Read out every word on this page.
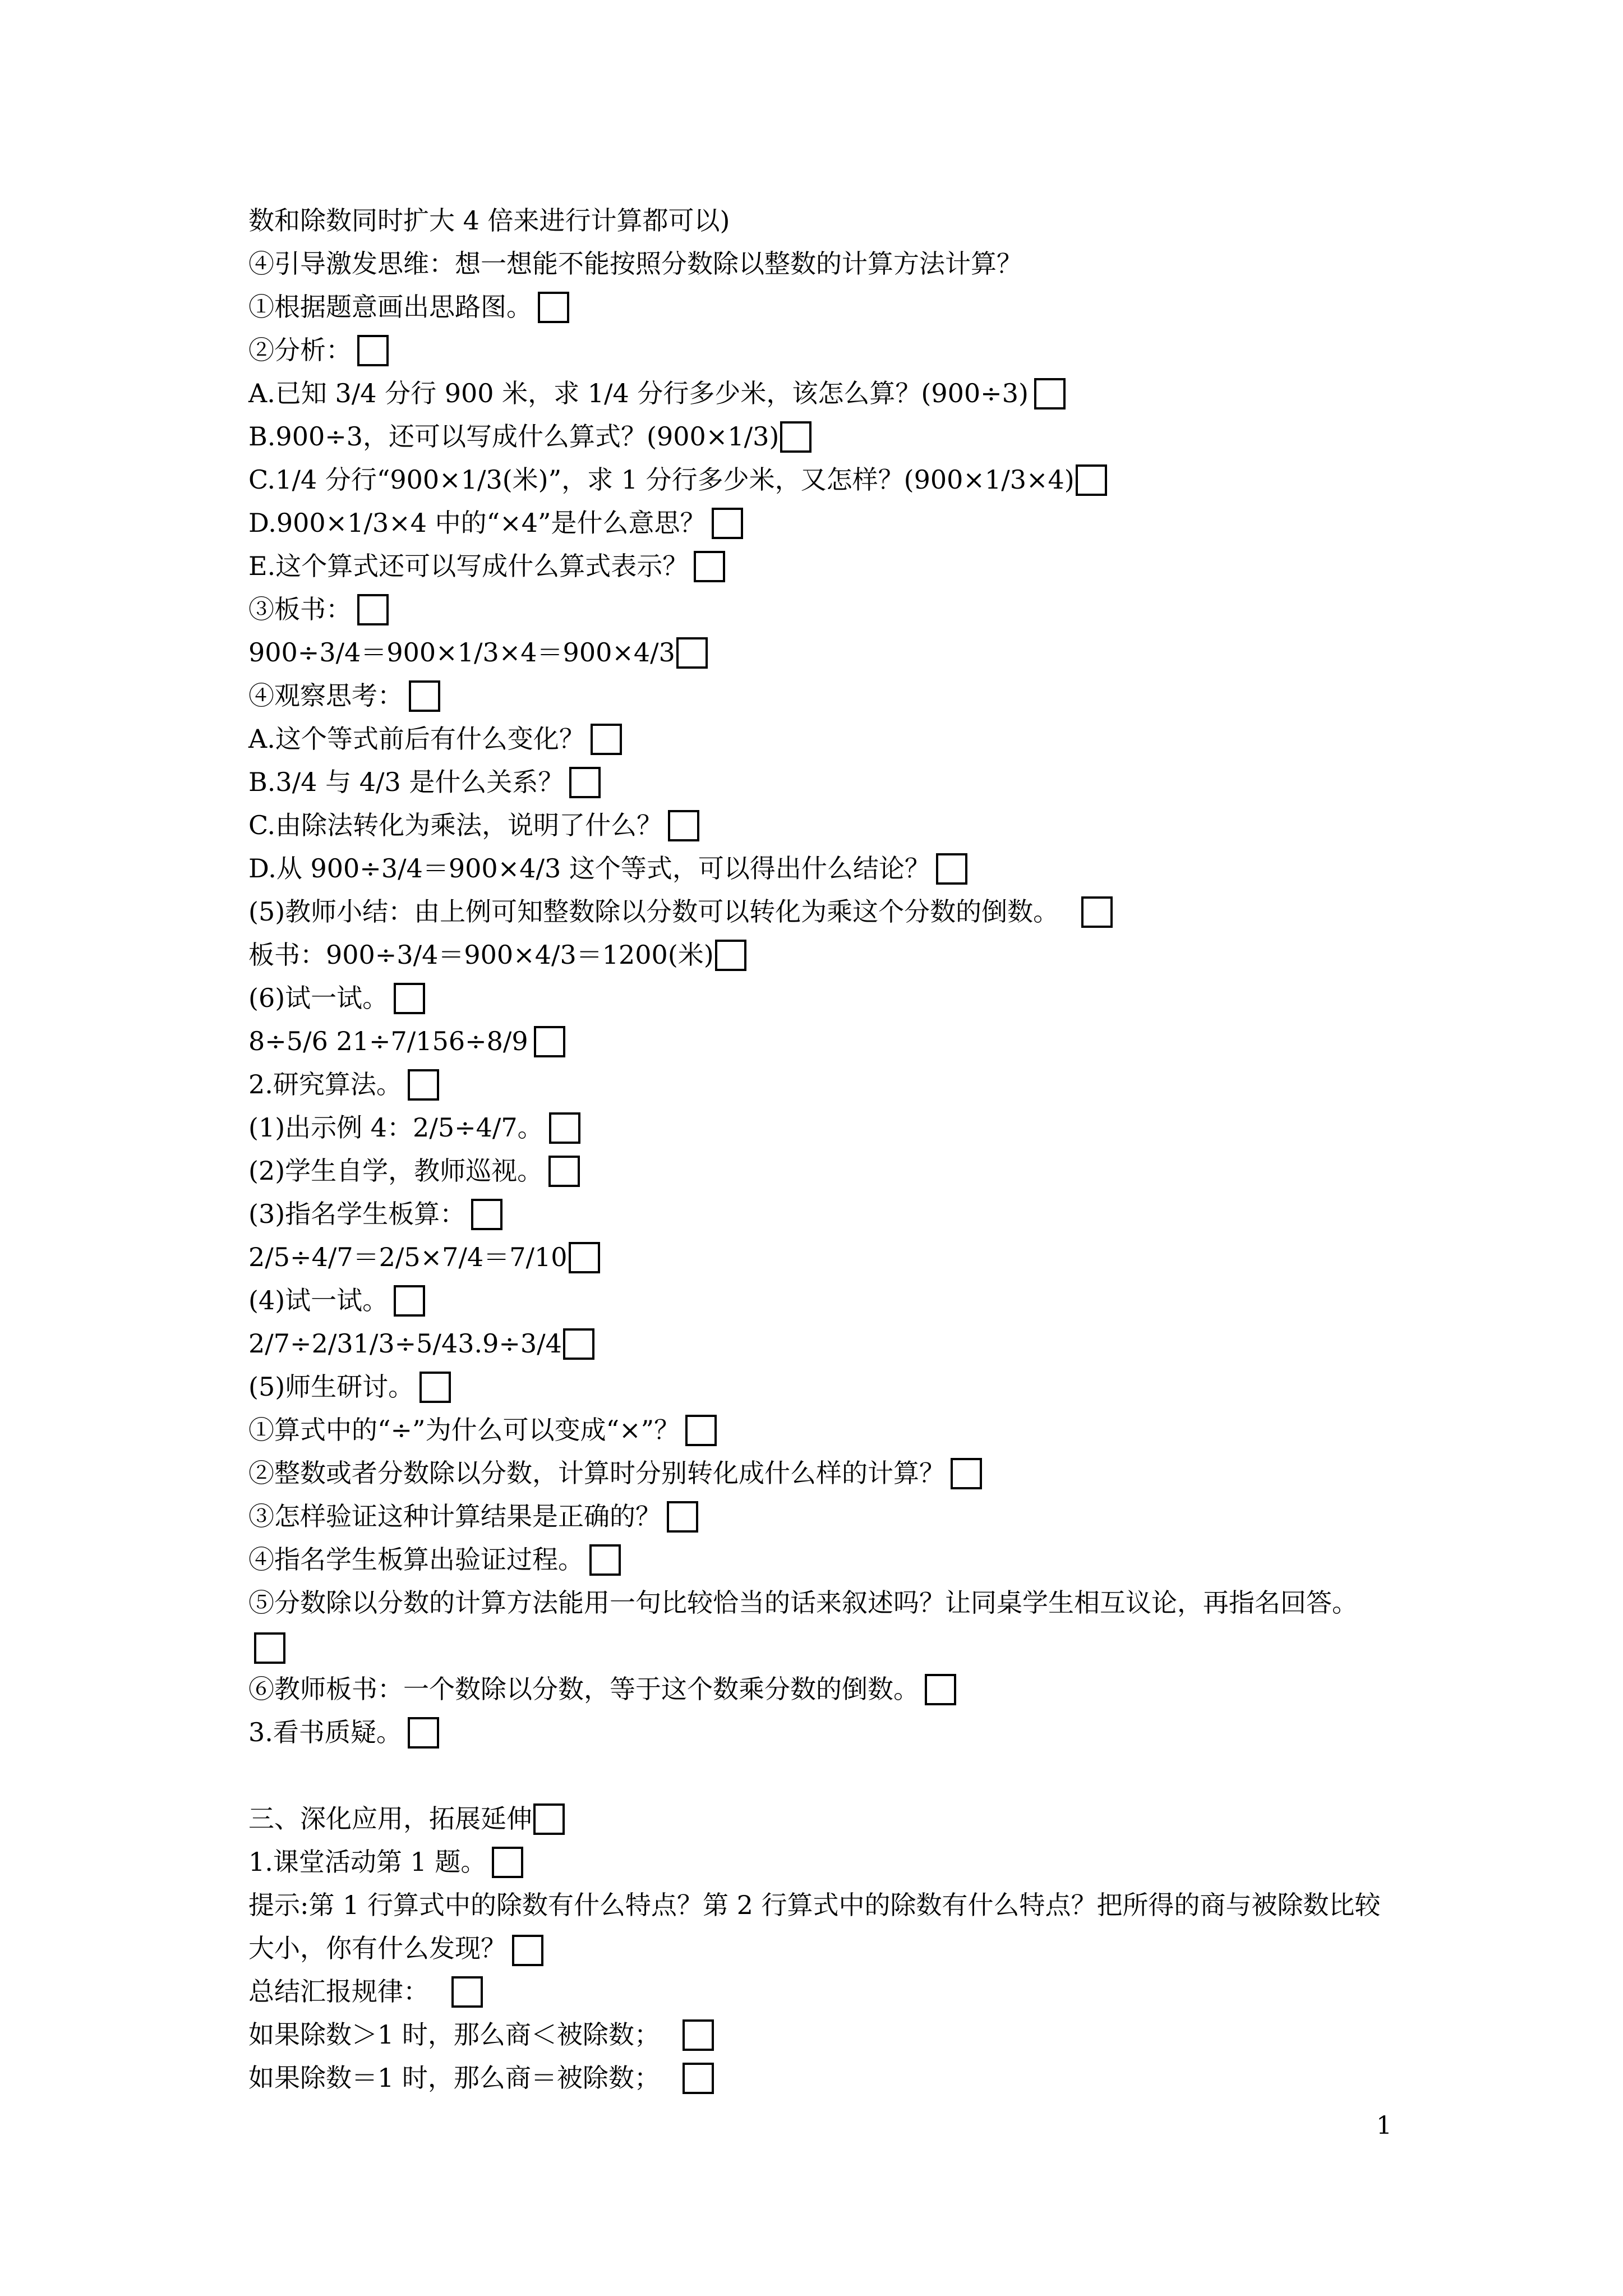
数和除数同时扩大 4 倍来进行计算都可以)
④引导激发思维：想一想能不能按照分数除以整数的计算方法计算？
①根据题意画出思路图。
②分析：
A.已知 3/4 分行 900 米，求 1/4 分行多少米，该怎么算？(900÷3)
B.900÷3，还可以写成什么算式？(900×1/3)
C.1/4 分行“900×1/3(米)”，求 1 分行多少米，又怎样？(900×1/3×4)
D.900×1/3×4 中的“×4”是什么意思？
E.这个算式还可以写成什么算式表示？
③板书：
900÷3/4＝900×1/3×4＝900×4/3
④观察思考：
A.这个等式前后有什么变化？
B.3/4 与 4/3 是什么关系？
C.由除法转化为乘法，说明了什么？
D.从 900÷3/4＝900×4/3 这个等式，可以得出什么结论？
(5)教师小结：由上例可知整数除以分数可以转化为乘这个分数的倒数。
板书：900÷3/4＝900×4/3＝1200(米)
(6)试一试。
8÷5/6 21÷7/156÷8/9
2.研究算法。
(1)出示例 4：2/5÷4/7。
(2)学生自学，教师巡视。
(3)指名学生板算：
2/5÷4/7＝2/5×7/4＝7/10
(4)试一试。
2/7÷2/31/3÷5/43.9÷3/4
(5)师生研讨。
①算式中的“÷”为什么可以变成“×”？
②整数或者分数除以分数，计算时分别转化成什么样的计算？
③怎样验证这种计算结果是正确的？
④指名学生板算出验证过程。
⑤分数除以分数的计算方法能用一句比较恰当的话来叙述吗？让同桌学生相互议论，再指名回答。
⑥教师板书：一个数除以分数，等于这个数乘分数的倒数。
3.看书质疑。
三、深化应用，拓展延伸
1.课堂活动第 1 题。
提示:第 1 行算式中的除数有什么特点？第 2 行算式中的除数有什么特点？把所得的商与被除数比较大小，你有什么发现？
总结汇报规律：
如果除数＞1 时，那么商＜被除数；
如果除数＝1 时，那么商＝被除数；
1
